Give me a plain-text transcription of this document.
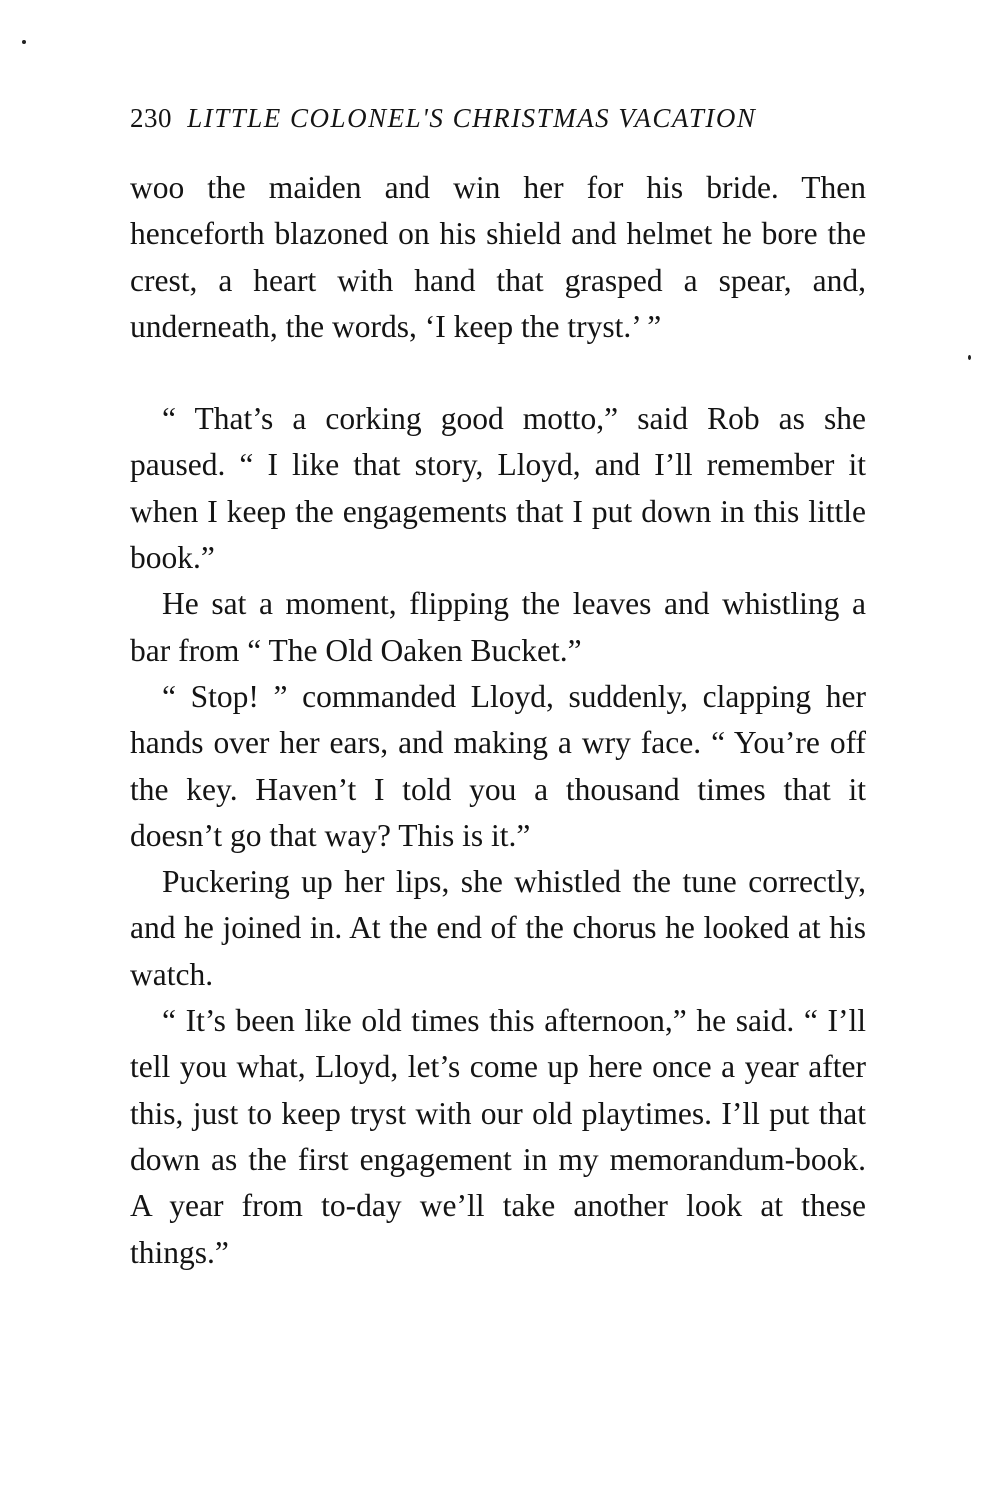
230 LITTLE COLONEL'S CHRISTMAS VACATION

woo the maiden and win her for his bride. Then henceforth blazoned on his shield and helmet he bore the crest, a heart with hand that grasped a spear, and, underneath, the words, ‘I keep the tryst.’ ”

“ That’s a corking good motto,” said Rob as she paused. “ I like that story, Lloyd, and I’ll remember it when I keep the engagements that I put down in this little book.”

He sat a moment, flipping the leaves and whistling a bar from “ The Old Oaken Bucket.”

“ Stop! ” commanded Lloyd, suddenly, clapping her hands over her ears, and making a wry face. “ You’re off the key. Haven’t I told you a thousand times that it doesn’t go that way? This is it.”

Puckering up her lips, she whistled the tune correctly, and he joined in. At the end of the chorus he looked at his watch.

“ It’s been like old times this afternoon,” he said. “ I’ll tell you what, Lloyd, let’s come up here once a year after this, just to keep tryst with our old playtimes. I’ll put that down as the first engagement in my memorandum-book. A year from to-day we’ll take another look at these things.”
